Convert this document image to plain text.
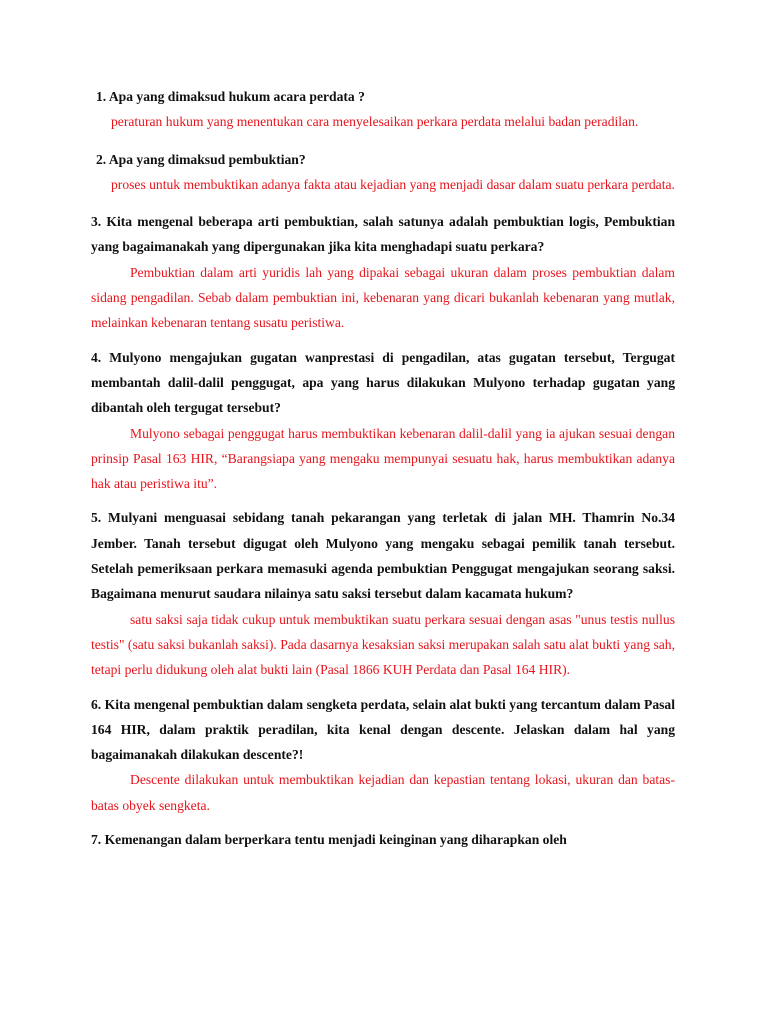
1. Apa yang dimaksud hukum acara perdata ?

peraturan hukum yang menentukan cara menyelesaikan perkara perdata melalui badan peradilan.

2. Apa yang dimaksud pembuktian?

proses untuk membuktikan adanya fakta atau kejadian yang menjadi dasar dalam suatu perkara perdata.

3. Kita mengenal beberapa arti pembuktian, salah satunya adalah pembuktian logis, Pembuktian yang bagaimanakah yang dipergunakan jika kita menghadapi suatu perkara?

Pembuktian dalam arti yuridis lah yang dipakai sebagai ukuran dalam proses pembuktian dalam sidang pengadilan. Sebab dalam pembuktian ini, kebenaran yang dicari bukanlah kebenaran yang mutlak, melainkan kebenaran tentang susatu peristiwa.

4. Mulyono mengajukan gugatan wanprestasi di pengadilan, atas gugatan tersebut, Tergugat membantah dalil-dalil penggugat, apa yang harus dilakukan Mulyono terhadap gugatan yang dibantah oleh tergugat tersebut?

Mulyono sebagai penggugat harus membuktikan kebenaran dalil-dalil yang ia ajukan sesuai dengan prinsip Pasal 163 HIR, “Barangsiapa yang mengaku mempunyai sesuatu hak, harus membuktikan adanya hak atau peristiwa itu”.

5. Mulyani menguasai sebidang tanah pekarangan yang terletak di jalan MH. Thamrin No.34 Jember. Tanah tersebut digugat oleh Mulyono yang mengaku sebagai pemilik tanah tersebut. Setelah pemeriksaan perkara memasuki agenda pembuktian Penggugat mengajukan seorang saksi. Bagaimana menurut saudara nilainya satu saksi tersebut dalam kacamata hukum?

satu saksi saja tidak cukup untuk membuktikan suatu perkara sesuai dengan asas "unus testis nullus testis" (satu saksi bukanlah saksi). Pada dasarnya kesaksian saksi merupakan salah satu alat bukti yang sah, tetapi perlu didukung oleh alat bukti lain (Pasal 1866 KUH Perdata dan Pasal 164 HIR).

6. Kita mengenal pembuktian dalam sengketa perdata, selain alat bukti yang tercantum dalam Pasal 164 HIR, dalam praktik peradilan, kita kenal dengan descente. Jelaskan dalam hal yang bagaimanakah dilakukan descente?!

Descente dilakukan untuk membuktikan kejadian dan kepastian tentang lokasi, ukuran dan batas-batas obyek sengketa.

7. Kemenangan dalam berperkara tentu menjadi keinginan yang diharapkan oleh
